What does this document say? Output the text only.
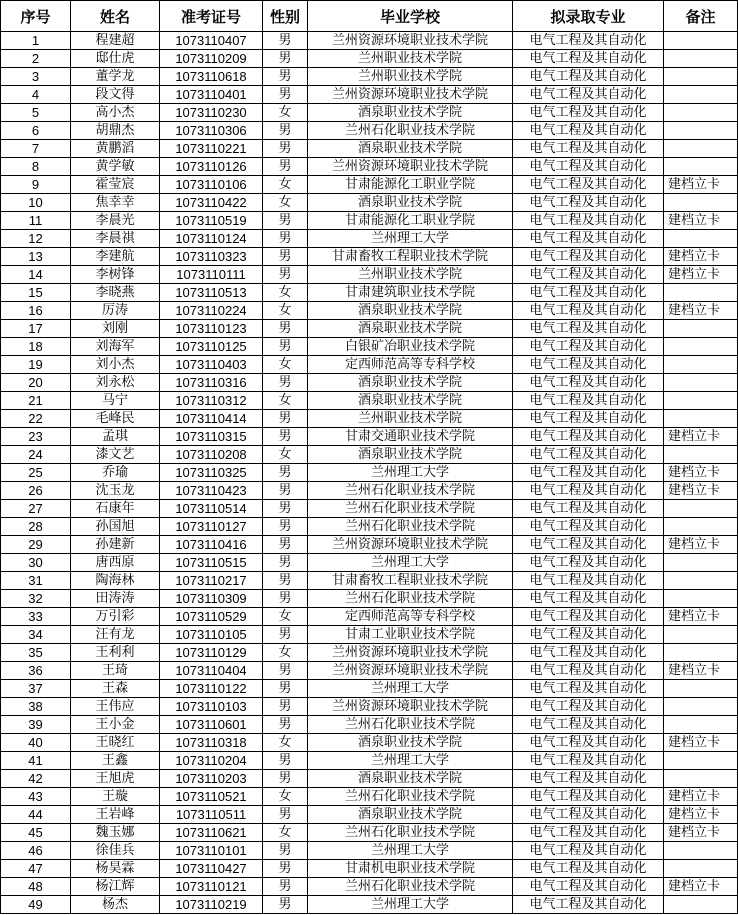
序号	姓名	准考证号	性别	毕业学校	拟录取专业	备注
1	程建超	1073110407	男	兰州资源环境职业技术学院	电气工程及其自动化	
2	邸仕虎	1073110209	男	兰州职业技术学院	电气工程及其自动化	
3	董学龙	1073110618	男	兰州职业技术学院	电气工程及其自动化	
4	段文得	1073110401	男	兰州资源环境职业技术学院	电气工程及其自动化	
5	高小杰	1073110230	女	酒泉职业技术学院	电气工程及其自动化	
6	胡鼎杰	1073110306	男	兰州石化职业技术学院	电气工程及其自动化	
7	黄鹏滔	1073110221	男	酒泉职业技术学院	电气工程及其自动化	
8	黄学敏	1073110126	男	兰州资源环境职业技术学院	电气工程及其自动化	
9	霍莹宸	1073110106	女	甘肃能源化工职业学院	电气工程及其自动化	建档立卡
10	焦幸幸	1073110422	女	酒泉职业技术学院	电气工程及其自动化	
11	李晨光	1073110519	男	甘肃能源化工职业学院	电气工程及其自动化	建档立卡
12	李晨祺	1073110124	男	兰州理工大学	电气工程及其自动化	
13	李建航	1073110323	男	甘肃畜牧工程职业技术学院	电气工程及其自动化	建档立卡
14	李树锋	1073110111	男	兰州职业技术学院	电气工程及其自动化	建档立卡
15	李晓燕	1073110513	女	甘肃建筑职业技术学院	电气工程及其自动化	
16	厉涛	1073110224	女	酒泉职业技术学院	电气工程及其自动化	建档立卡
17	刘刚	1073110123	男	酒泉职业技术学院	电气工程及其自动化	
18	刘海军	1073110125	男	白银矿冶职业技术学院	电气工程及其自动化	
19	刘小杰	1073110403	女	定西师范高等专科学校	电气工程及其自动化	
20	刘永松	1073110316	男	酒泉职业技术学院	电气工程及其自动化	
21	马宁	1073110312	女	酒泉职业技术学院	电气工程及其自动化	
22	毛峰民	1073110414	男	兰州职业技术学院	电气工程及其自动化	
23	孟琪	1073110315	男	甘肃交通职业技术学院	电气工程及其自动化	建档立卡
24	漆文艺	1073110208	女	酒泉职业技术学院	电气工程及其自动化	
25	乔瑜	1073110325	男	兰州理工大学	电气工程及其自动化	建档立卡
26	沈玉龙	1073110423	男	兰州石化职业技术学院	电气工程及其自动化	建档立卡
27	石康年	1073110514	男	兰州石化职业技术学院	电气工程及其自动化	
28	孙国旭	1073110127	男	兰州石化职业技术学院	电气工程及其自动化	
29	孙建新	1073110416	男	兰州资源环境职业技术学院	电气工程及其自动化	建档立卡
30	唐西原	1073110515	男	兰州理工大学	电气工程及其自动化	
31	陶海林	1073110217	男	甘肃畜牧工程职业技术学院	电气工程及其自动化	
32	田涛涛	1073110309	男	兰州石化职业技术学院	电气工程及其自动化	
33	万引彩	1073110529	女	定西师范高等专科学校	电气工程及其自动化	建档立卡
34	汪有龙	1073110105	男	甘肃工业职业技术学院	电气工程及其自动化	
35	王利利	1073110129	女	兰州资源环境职业技术学院	电气工程及其自动化	
36	王琦	1073110404	男	兰州资源环境职业技术学院	电气工程及其自动化	建档立卡
37	王森	1073110122	男	兰州理工大学	电气工程及其自动化	
38	王伟应	1073110103	男	兰州资源环境职业技术学院	电气工程及其自动化	
39	王小金	1073110601	男	兰州石化职业技术学院	电气工程及其自动化	
40	王晓红	1073110318	女	酒泉职业技术学院	电气工程及其自动化	建档立卡
41	王鑫	1073110204	男	兰州理工大学	电气工程及其自动化	
42	王旭虎	1073110203	男	酒泉职业技术学院	电气工程及其自动化	
43	王璇	1073110521	女	兰州石化职业技术学院	电气工程及其自动化	建档立卡
44	王岩峰	1073110511	男	酒泉职业技术学院	电气工程及其自动化	建档立卡
45	魏玉娜	1073110621	女	兰州石化职业技术学院	电气工程及其自动化	建档立卡
46	徐佳兵	1073110101	男	兰州理工大学	电气工程及其自动化	
47	杨昊霖	1073110427	男	甘肃机电职业技术学院	电气工程及其自动化	
48	杨江辉	1073110121	男	兰州石化职业技术学院	电气工程及其自动化	建档立卡
49	杨杰	1073110219	男	兰州理工大学	电气工程及其自动化	
